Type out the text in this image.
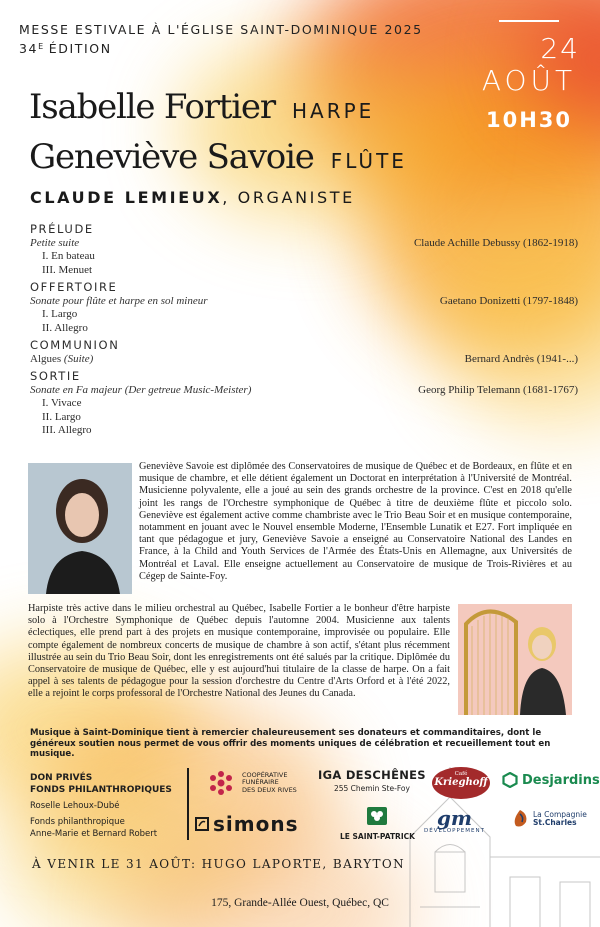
MESSE ESTIVALE À L'ÉGLISE SAINT-DOMINIQUE 2025
$34^E$ ÉDITION	24
AOÛT
10H30
Isabelle Fortier HARPE
Geneviève Savoie FLÛTE
CLAUDE LEMIEUX, ORGANISTE
PRÉLUDE
Petite suite	Claude Achille Debussy (1862-1918)
I. En bateau
III. Menuet
OFFERTOIRE
Sonate pour flûte et harpe en sol mineur	Gaetano Donizetti (1797-1848)
I. Largo
II. Allegro
COMMUNION
Algues (Suite)	Bernard Andrès (1941-...)
SORTIE
Sonate en Fa majeur (Der getreue Music-Meister)	Georg Philip Telemann (1681-1767)
I. Vivace
II. Largo
III. Allegro
Geneviève Savoie est diplômée des Conservatoires de musique de Québec et de Bordeaux, en flûte et en musique de chambre, et elle détient également un Doctorat en interprétation à l'Université de Montréal. Musicienne polyvalente, elle a joué au sein des grands orchestre de la province. C'est en 2018 qu'elle joint les rangs de l'Orchestre symphonique de Québec à titre de deuxième flûte et piccolo solo. Geneviève est également active comme chambriste avec le Trio Beau Soir et en musique contemporaine, notamment en jouant avec le Nouvel ensemble Moderne, l'Ensemble Lunatik et E27. Fort impliquée en tant que pédagogue et jury, Geneviève Savoie a enseigné au Conservatoire National des Landes en France, à la Child and Youth Services de l'Armée des États-Unis en Allemagne, aux Universités de Montréal et Laval. Elle enseigne actuellement au Conservatoire de musique de Trois-Rivières et au Cégep de Sainte-Foy.
Harpiste très active dans le milieu orchestral au Québec, Isabelle Fortier a le bonheur d'être harpiste solo à l'Orchestre Symphonique de Québec depuis l'automne 2004. Musicienne aux talents éclectiques, elle prend part à des projets en musique contemporaine, improvisée ou populaire. Elle compte également de nombreux concerts de musique de chambre à son actif, s'étant plus récemment illustrée au sein du Trio Beau Soir, dont les enregistrements ont été salués par la critique. Diplômée du Conservatoire de musique de Québec, elle y est aujourd'hui titulaire de la classe de harpe. On a fait appel à ses talents de pédagogue pour la session d'orchestre du Centre d'Arts Orford et à l'été 2022, elle a rejoint le corps professoral de l'Orchestre National des Jeunes du Canada.
Musique à Saint-Dominique tient à remercier chaleureusement ses donateurs et commanditaires, dont le généreux soutien nous permet de vous offrir des moments uniques de célébration et recueillement tout en musique.
DON PRIVÉS
FONDS PHILANTHROPIQUES
Roselle Lehoux-Dubé
Fonds philanthropique
Anne-Marie et Bernard Robert
COOPÉRATIVE
FUNÉRAIRE
DES DEUX RIVES
IGA DESCHÊNES
255 Chemin Ste-Foy
Café
Krieghoff	Desjardins
simons
LE SAINT-PATRICK
gm
DÉVELOPPEMENT
La Compagnie
St.Charles
À VENIR LE 31 AOÛT: HUGO LAPORTE, BARYTON
175, Grande-Allée Ouest, Québec, QC
